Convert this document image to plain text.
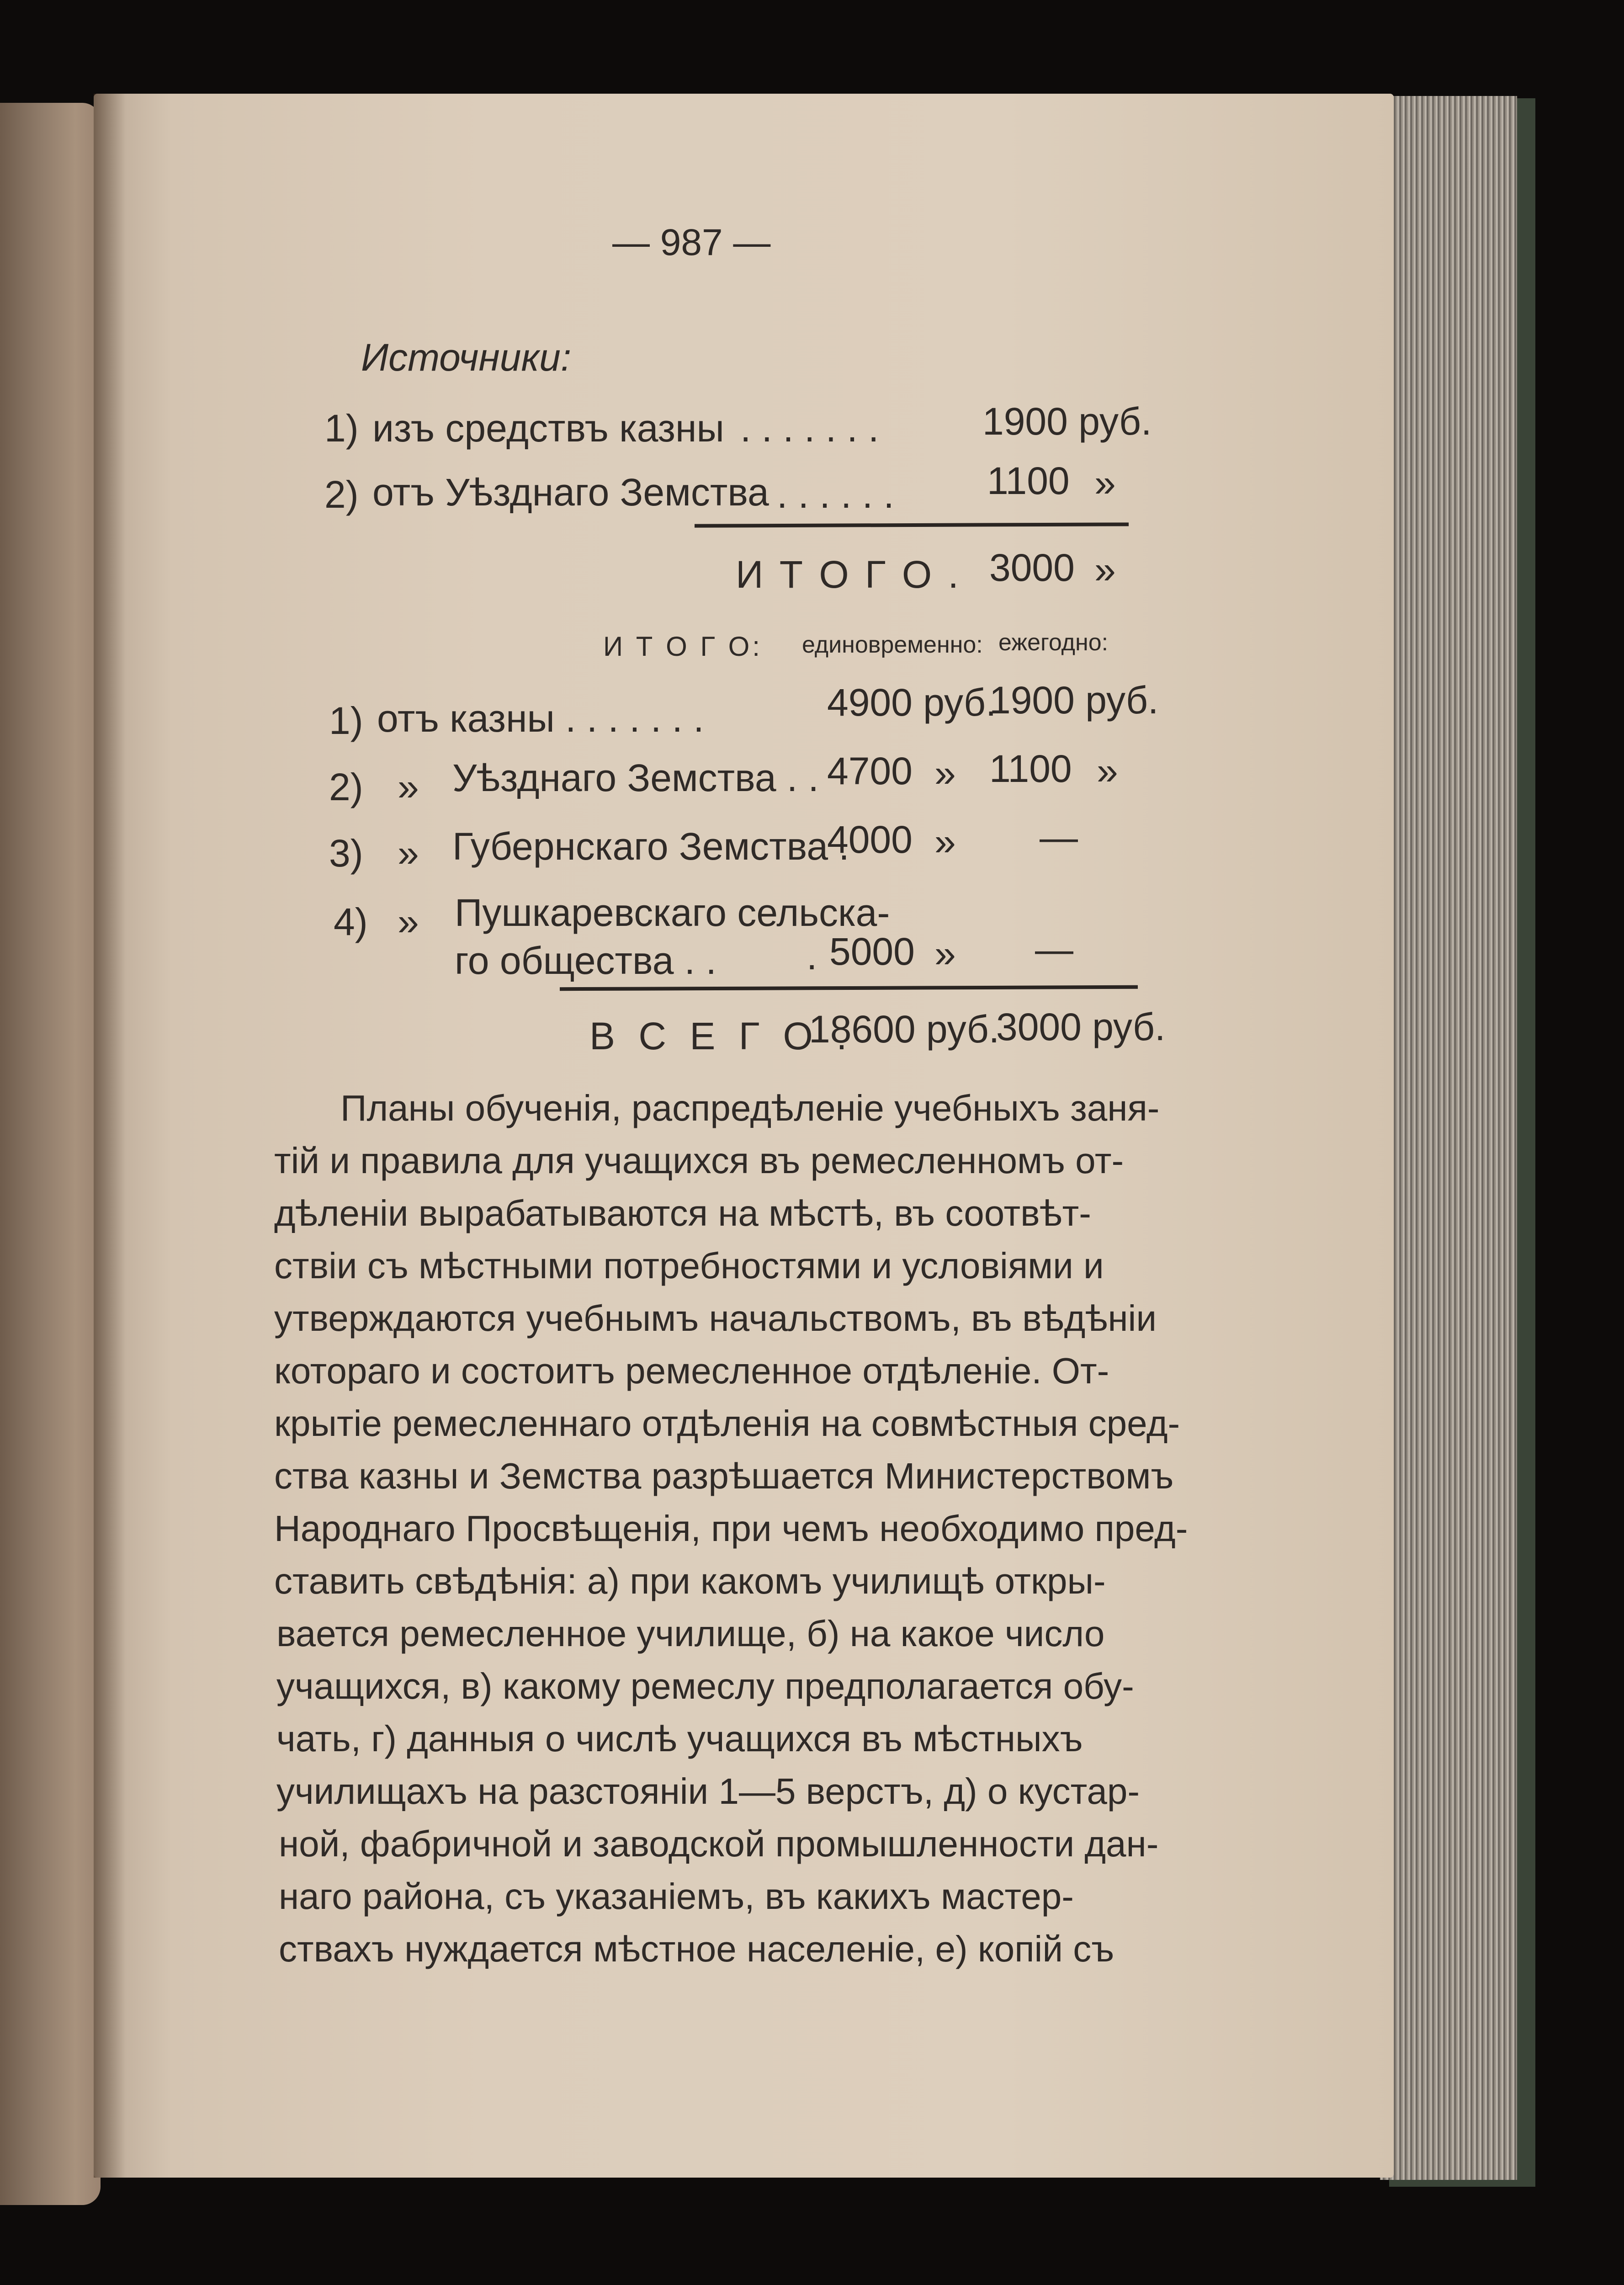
— 987 —
Источники:
1) изъ средствъ казны . . . . . . .	1900 руб.
2) отъ Уѣзднаго Земства . . . . . . 1100 »
И Т О Г О . 3000 »
И Т О Г О: единовременно: ежегодно:
1) отъ казны . . . . . . .	4900 руб.
1900 руб.
2) » Уѣзднаго Земства . . 4700 » 1100 »
3) » Губернскаго Земства .
4000 » —
4) » Пушкаревскаго сельска-
го общества . . . 5000 » —
В С Е Г О .
18600 руб.
3000 руб.
Планы обученія, распредѣленіе учебныхъ заня-
тій и правила для учащихся въ ремесленномъ от-
дѣленіи вырабатываются на мѣстѣ, въ соотвѣт-
ствіи съ мѣстными потребностями и условіями и
утверждаются учебнымъ начальствомъ, въ вѣдѣніи
котораго и состоитъ ремесленное отдѣленіе. От-
крытіе ремесленнаго отдѣленія на совмѣстныя сред-
ства казны и Земства разрѣшается Министерствомъ
Народнаго Просвѣщенія, при чемъ необходимо пред-
ставить свѣдѣнія: а) при какомъ училищѣ откры-
вается ремесленное училище, б) на какое число
учащихся, в) какому ремеслу предполагается обу-
чать, г) данныя о числѣ учащихся въ мѣстныхъ
училищахъ на разстояніи 1—5 верстъ, д) о кустар-
ной, фабричной и заводской промышленности дан-
наго района, съ указаніемъ, въ какихъ мастер-
ствахъ нуждается мѣстное населеніе, е) копій съ
